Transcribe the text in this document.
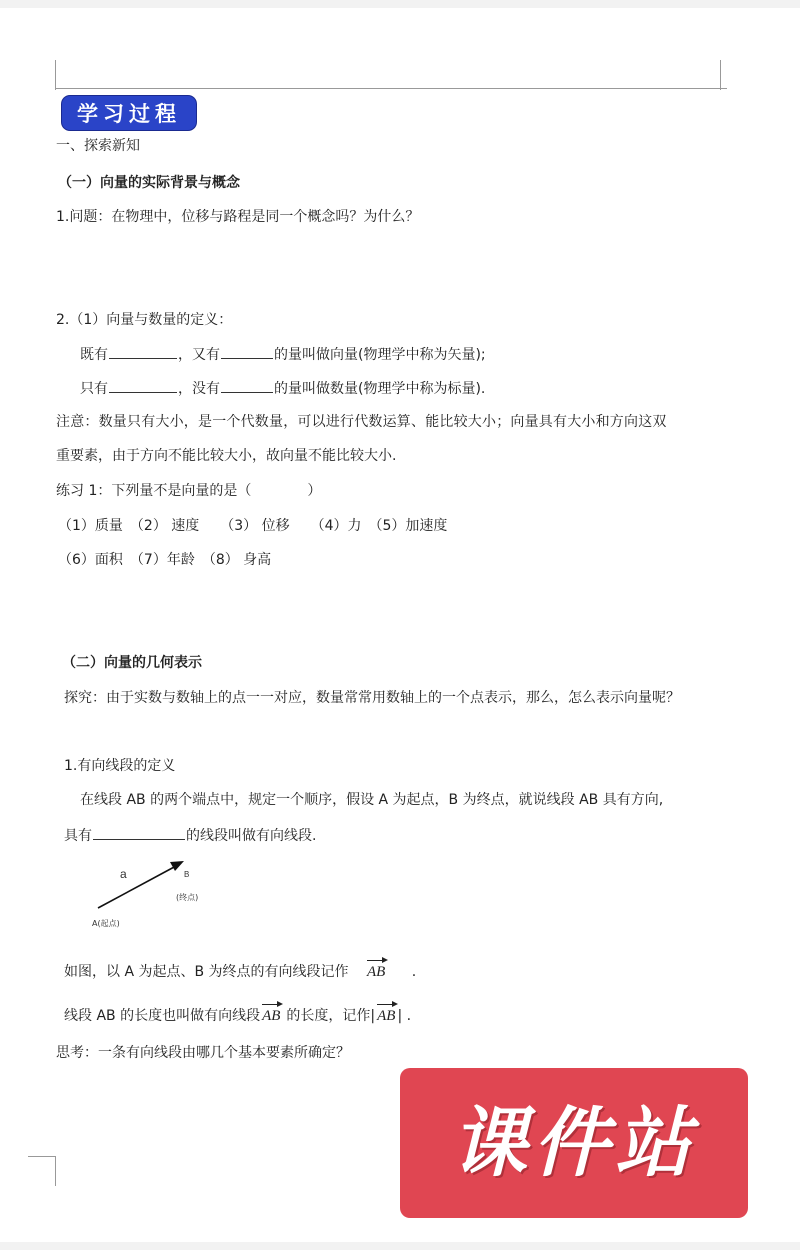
学习过程
一、探索新知
（一）向量的实际背景与概念
1.问题：在物理中，位移与路程是同一个概念吗？为什么？
2.（1）向量与数量的定义：
既有	，又有	的量叫做向量(物理学中称为矢量);
只有	，没有	的量叫做数量(物理学中称为标量).
注意：数量只有大小，是一个代数量，可以进行代数运算、能比较大小；向量具有大小和方向这双
重要素，由于方向不能比较大小，故向量不能比较大小.
练习 1：下列量不是向量的是（　　　　）
（1）质量　（2） 速度　　（3） 位移　　（4）力　（5）加速度
（6）面积　（7）年龄　（8） 身高
（二）向量的几何表示
探究：由于实数与数轴上的点一一对应，数量常常用数轴上的一个点表示，那么，怎么表示向量呢？
1.有向线段的定义
在线段 AB 的两个端点中，规定一个顺序，假设 A 为起点，B 为终点，就说线段 AB 具有方向,
具有	的线段叫做有向线段.
a	B
(终点)
A(起点)
如图，以 A 为起点、B 为终点的有向线段记作 AB .
线段 AB 的长度也叫做有向线段 AB 的长度，记作| AB | .
思考：一条有向线段由哪几个基本要素所确定？
课件站
